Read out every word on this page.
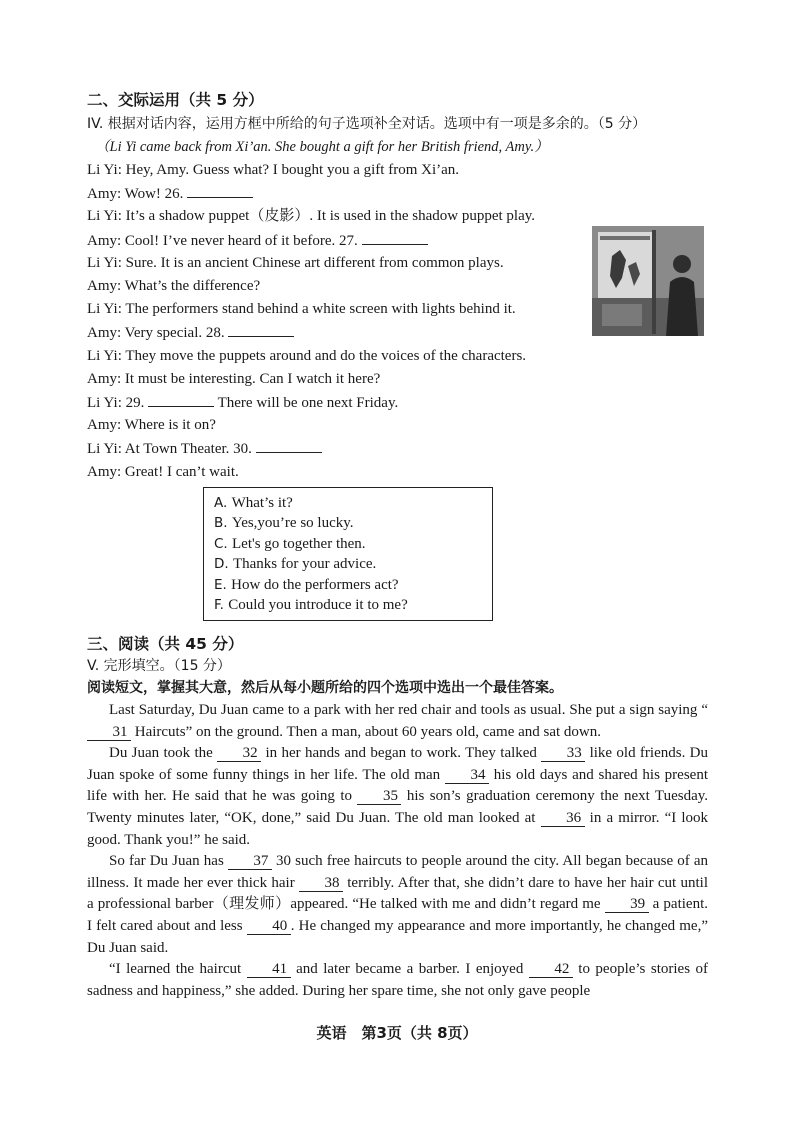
二、交际运用（共 5 分）
IV. 根据对话内容，运用方框中所给的句子选项补全对话。选项中有一项是多余的。（5 分）
（Li Yi came back from Xi’an. She bought a gift for her British friend, Amy.）
Li Yi: Hey, Amy. Guess what? I bought you a gift from Xi’an.
Amy: Wow! 26.
Li Yi: It’s a shadow puppet（皮影）. It is used in the shadow puppet play.
Amy: Cool! I’ve never heard of it before. 27.
Li Yi: Sure. It is an ancient Chinese art different from common plays.
Amy: What’s the difference?
Li Yi: The performers stand behind a white screen with lights behind it.
Amy: Very special. 28.
Li Yi: They move the puppets around and do the voices of the characters.
Amy: It must be interesting. Can I watch it here?
Li Yi: 29.	There will be one next Friday.
Amy: Where is it on?
Li Yi: At Town Theater. 30.
Amy: Great! I can’t wait.
A. What’s it?
B. Yes,you’re so lucky.
C. Let's go together then.
D. Thanks for your advice.
E. How do the performers act?
F. Could you introduce it to me?
三、阅读（共 45 分）
V. 完形填空。（15 分）
阅读短文，掌握其大意，然后从每小题所给的四个选项中选出一个最佳答案。

Last Saturday, Du Juan came to a park with her red chair and tools as usual. She put a sign saying “31 Haircuts” on the ground. Then a man, about 60 years old, came and sat down.

Du Juan took the 32 in her hands and began to work. They talked 33 like old friends. Du Juan spoke of some funny things in her life. The old man 34 his old days and shared his present life with her. He said that he was going to 35 his son’s graduation ceremony the next Tuesday. Twenty minutes later, “OK, done,” said Du Juan. The old man looked at 36 in a mirror. “I look good. Thank you!” he said.

So far Du Juan has 37 30 such free haircuts to people around the city. All began because of an illness. It made her ever thick hair 38 terribly. After that, she didn’t dare to have her hair cut until a professional barber（理发师）appeared. “He talked with me and didn’t regard me 39 a patient. I felt cared about and less 40 . He changed my appearance and more importantly, he changed me,” Du Juan said.

“I learned the haircut 41 and later became a barber. I enjoyed 42 to people’s stories of sadness and happiness,” she added. During her spare time, she not only gave people

英语　第3页（共 8页）
